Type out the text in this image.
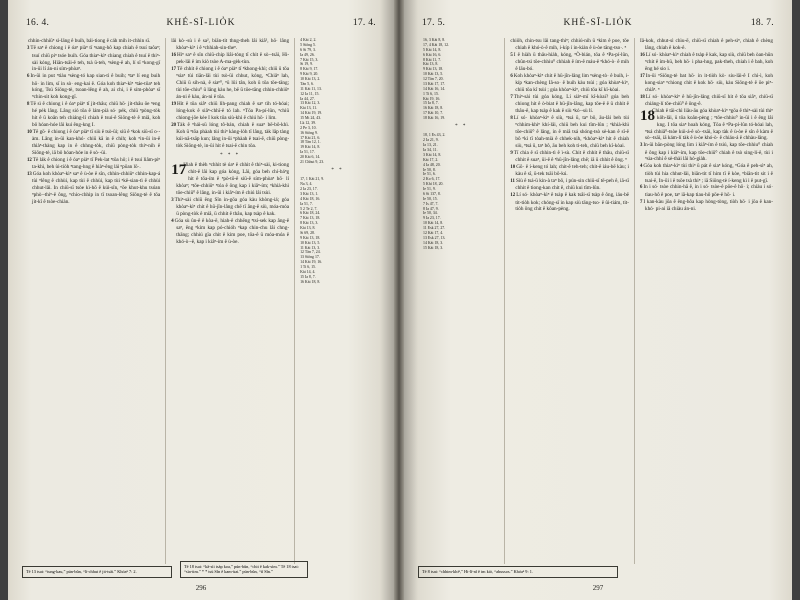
16. 4.	KHÉ-SĪ-LIỎK	17. 4.
chhin-chhiūⁿ sì-lāng ê buih, bái-tiong ê cáh mih it-chhin sī.
3Tē saⁿ ê chiong i ê óaⁿ piàⁿ tī ⁿsang-hô kap chiah ê tsuí taôaⁿ; tsuí chiū piⁿ tsóe buih. Góa thiaⁿ-kìⁿ chiang chiah ê tsuí ê thiⁿ-sài kóng, Hiān-tsāi-ê teh, tsà ū-teh, ⁿsèng-ê ah, lí sī ⁿkong-gī in-ūi lí án-ni sím-phòaⁿ.
6In-ūi in put ⁿtiàu ⁿsèng-tó kap sian-tì ê buih; ⁿtaⁿ lí eng buih hō· in lim, sī in sò· eng-kai ê. Góa koh thiaⁿ-kìⁿ ⁿtáe-tôaⁿ teh kóng, Tsú Siōng-tè, tsoan-lêng ê ah, ai chi, i ê sím-phòaⁿ sī ⁿchin-sit koh kong-gī.
8Tē sì ê chiong i ê óaⁿ piàⁿ tī jit-thâu; chiū hō· jit-thâu ōe ⁿeng hé pėk lâng. Lâng sió tōa ê lám-pià só· pėk, chiū ⁿpòng-tòk hit ê ū koân teh chiáng-lí chiah ê tsuí-ê Siōng-tè ê miâ, koh bô hóan-hóe lâi kui êng-kng I.
10Tē gō· ê chiong i ê óaⁿ piàⁿ tī siù ê tsò-ūi; siū ê ⁿkok siū-sī o·-àm. Lâng in-ūi kan-khó· chiū kā in ê chih; koh ⁿin-ūi in-ê thiàⁿ-thàng kap in ê chhng-tòk, chiū pòng-tòk thiⁿ-nih ê Siōng-tè, iā bô hóan-hóe in ê sò·-ūi.
12Tē lák ê chiong i ê óaⁿ piàⁿ tī Pek-lat ⁿtōa hô; i ê tsuí liâm-piⁿ ta-khì, beh ùi-tiòh ⁿtang-hng ê hiàⁿ-êng lái ⁿpōan lō·.
13Góa koh khòaⁿ-kìⁿ saⁿ ê ù-òe ê sîn, chhin-chhiūⁿ chhin-kap-á tùi ⁿlêng ê chhùi, kap tùi ê chhùi, kap tùi ⁿkê-sian-tì ê chhùi chhut-lâi. In chiū-sī tsòe kì-hō ê kúi-sîn, ⁿōe khut-khu tsóan ⁿphò·-thiⁿ-ê ông, ⁿchio-chhip in tī tsoan-lêng Siōng-tè ê tōa jit-kî ê tsòe-chiàn.
lâi kò·-sù i ê sa², biān-tit thng-theh lâi kiâ², hō· lâng khòaⁿ-kìⁿ i ê ⁿchhiah-sin-theⁿ.
16Hiⁿ saⁿ ê sîn chiū-chip liâi-tóng tī chit ê sò·-tsāi, Hi-pek-lâi ê im kiò tsòe A-ma-gėk-tùn.
17Tē chhit ê chiong i ê óaⁿ piàⁿ tī ⁿkhong-khì; chiū ū tōa ⁿsiaⁿ tùi tiān-lāi tùi tsò-ūi chhut, kóng, ⁿChiâⁿ lah, Chiū ū sih-nà, ê siaⁿ⁰, ⁿū lûi tân, koh ū tōa tōe-tāng; tùi tōe-chiu⁰ ū lâng kàu he, bē ū tōe-tāng chhin-chhiūⁿ án-ni ê kàu, án-ni ê tōa.
19Hit ê tōa siâⁿ chiū lìh-pang chiah ê saⁿ tìh tó-hóai; lóng-kok ê siâⁿ-chhī-ê tó lah. ⁿTōa Pa-pí-lûn, ⁿchiū chìong-jōe kèe I kok tōa siù-khì ê chiú hō· i lim.
20Tàk ê ⁿhái-sū lóng tô-bán, chiah ê suaⁿ bē-bô-khì. Koh ū ⁿtōa phàah tùi thiⁿ kàng-lòh tī lâng, tàk lâp tàng kúi-nā-tsāp kun; lâng in-ūi ⁿphàah ê tsai-ē, chiū pòng-tòk Siōng-tè, in-ūi hit ê tsai-ē chin tōa.
* * *
17
Hiah ê thèh ⁿchhit tè óaⁿ ê chhit ê thiⁿ-sài, ki-tiong chit-ê lâi kap góa kóng, Lâi, góa beh chí-báⁿg hit ê tōa-ím ê ⁿpò-tō-ê siū-ê sím-phòaⁿ hō· lí khòaⁿ; ⁿtōe-chhiūⁿ ⁿtóa ê ông kap i kiâⁿ-ím; ⁿkhià-khì tōe-chiū⁰ ê lâng, in-ūi i kiâⁿ-ím ê chiú lâi tsùi.
3Thiⁿ-sài chiū ēng Sîn in-gōa góa kàu khòng-iá; góa khòaⁿ-kìⁿ chit ê hū-jîn-lâng chē tī âng-ê siù, móa-móa ū pòng-tòk ê miâ, ū chhit ê thâu, kap tsàp ê kak.
4Góa sù ûn-ê ê kòa-ē, hiah-ê chhēng ⁿtsí-sek kap âng-ê saⁿ, ēng ⁿkim kap pó-chióh ⁿkap chin-chu lâi chng-thāng; chhiú gīa chit ê kim poe, tōa-ê ū móa-móa ê khó-ò·-ê, kap i kiâⁿ-ím ê ù-òe.
4 Kài 2, 2.
5 Siōng 5.
6 Si 79, 3.
Ia 49, 26.
7 Kài 15, 3.
Si 19, 9.
8 Kài 9, 17.
9 Kài 9, 20.
10 Kài 13, 2.
Tàn 5, 6.
11 Kài 11, 13.
12 Ia 11, 15.
Ia 44, 27.
13 Kài 12, 3.
Kài 13, 11.
14 Kài 19, 19.
15 Mt 24, 43.
Lk 12, 39.
2 Pe 3, 10.
16 Siōng 9.
17 Kài 21, 6.
18 Tàn 12, 1.
19 Kài 14, 8.
Ia 51, 17.
20 Kài 6, 14.
21 Chhut 9, 23.
* *
17, 1 Kài 21, 9.
Na 3, 4.
2 Ia 23, 17.
3 Kài 13, 1.
4 Kài 18, 16.
Ia 51, 7.
5 2 Te 2, 7.
6 Kài 18, 24.
7 Kài 13, 18.
8 Kài 13, 3.
Kài 13, 8.
Si 69, 28.
9 Kài 13, 18.
10 Kài 13, 5.
11 Kài 13, 3.
12 Tàn 7, 24.
13 Siōng 17.
14 Kài 19, 16.
1 Ti 6, 15.
Kài 14, 4.
15 Ia 8, 7.
16 Kài 18, 8.
Tē 13 tsat: “tung-kau,” pún-bûn, “lí-chhut ê jit-tsāi.” Khóaⁿ 7: 2.
Tē 18 tsat: “kā-sìi tsàp koa,” pún-bûn, “chit ê kak-sìm.” Tē 18 tsat: “sìa-tim.” * * tsù Sîn ê kam-ùai.” pún-bûn, “tī Sîn.”
296
17. 5.	KHÉ-SĪ-LIỎK	18. 7.
16, 3 Kài 8, 8.
17, 4 Kài 18, 12.
5 Kài 14, 8.
6 Kài 16, 6.
8 Kài 11, 7.
Kài 13, 8.
9 Kài 13, 18.
10 Kài 13, 5.
12 Tàn 7, 20.
13 Kài 17, 17.
14 Kài 16, 14.
1 Ti 6, 15.
Kài 19, 16.
15 Ia 8, 7.
16 Kài 18, 8.
17 Kài 10, 7.
18 Kài 16, 19.
* *
18, 1 Es 43, 2.
2 Ia 21, 9.
Ia 13, 21.
Ia 34, 11.
3 Kài 14, 8.
Kài 17, 2.
4 Ia 48, 20.
Ie 50, 8.
Ie 51, 6.
2 Ko 6, 17.
5 Khí 18, 20.
Ie 51, 9.
6 Si 137, 8.
Ie 50, 15.
7 Is 47, 7.
8 Ia 47, 9.
Ie 50, 34.
9 Ia 23, 17.
10 Kài 14, 8.
11 Esk 27, 27.
12 Kài 17, 4.
13 Esk 27, 13.
14 Kài 18, 3.
15 Kài 18, 3.
chiôh, chin-tsu lâi tang-thiⁿ; chhiú-nih ū ⁿkim ê poe, tōe chiah ê khó-ò·ê mih, i-kíp í in-kiàn ê ù-òe tāng-tso·. ⁿ
5I ê hiàh ū thâu-hiàh, kóng, ⁿÒ-bián, tōa ê ⁿPa-pí-lûn, chûn-tsì tōe-chhiu⁰ chhiah ê ím-ê máu-ê ⁿkhó-ò· ê mih ê lāu-bó.
6Koh khòaⁿ-kìⁿ chit ê hū-jîn-lâng lim ⁿsèng-tò· ê buih, i-kíp ⁿkan-chèng Iâ-so· ê buih kàu tsùi ; góa khòaⁿ-kìⁿ, chiū tōa kî tsùi ; góa khòaⁿ-kìⁿ, chiū tōa kî kî-kòai.
7Thiⁿ-sài tùi góa kóng, Lí siàⁿ-mī kî-kòai? góa beh chiong hit ê ò-biat ê hū-jîn-lâng, kap tōe-ê ê ū chhit ê thâu-ê, kap tsàp ê kak ê siù ⁿkó·-sù lí.
8Lí só· khòaⁿ-kìⁿ ê siù, ⁿtsá ū, taⁿ bô, āu-lâi beh tùi ⁿchhim-khiⁿ khí-lâi, chiū beh kui tîm-lûn ; ⁿkhià-khì tōe-chiū⁰ ê lâng, in ê miâ tsá shóng-tsò sè-kan ê sî-ê bô ⁿkì tī tòah-mià ê chhek-nih, ⁿkhòaⁿ-kìⁿ hit ê chiah siù, ⁿtsá ū, taⁿ bô, āu beh koh ti-teh, chiū beh kî-kòai.
9Tī chia ê sī chhin-tì ê ì-sù. Chit ê chhit ê thâu, chiū-sī chhit ê suaⁿ, ūi-ê ê ⁿhū-jîn-lâng chē; iā ū chhit ê ông. ⁿ
10Gō· ê í-keng tó lah; chit-ê teh-teh; chit-ê iáu-bē kàu; i kàu ê sî, ū-tek tsāi bô-kú.
11Siù ê tsá-ū kin-à taⁿ bô, i pún-sin chiū-sī tē-peh ê, iā-sī chhit ê tiong-kan chit ê, chiū kui tîm-lûn.
12Lí só· khòaⁿ-kìⁿ ê tsàp ê kak tsâi-sī tsàp ê ông, iáu-bē tit-tiòh kok; chóng-sī in kap siù tāng-tso· ê ûi-tiám, tit-tiòh ông chit ê kôan-pèng.
Iâ-kok, chhut-sì chìu-ē, chiū-sī chiah ê peh-sìⁿ, chiah ê chèng lâng, chiah ê kok-ê.
16Lí só· khòaⁿ-kìⁿ chiah ê tsàp ê kak, kap siù, chiū beh òan-hūn ⁿchit ê ím-hū, beh hō· i pha-hng, pak-theh, chiah i ê bah, koh ēng hé sio i.
17In-ūi ⁿSiōng-tè bat hō· in it-tiòh kò· siu-lāi-ê I chì-ì, koh kong-siaⁿ ⁿchiong chit ê kok hō· siù, kàu Siōng-tè ê ōe piⁿ-chiâⁿ. ⁿ
18Lí só· khòaⁿ-kìⁿ ê hū-jîn-lâng chiū-sī hit ê tōa siâⁿ, chiū-sī chiáng-lí tōe-chiū⁰ ê ông-ê.
18
Chiah ê tāi-chì liâu-āu góa khòaⁿ-kìⁿ ⁿgōa ê thiⁿ-sài tùi thiⁿ kôh-lâi, ū tōa koân-pèng ; ⁿtōe-chhiu⁰ in-ūi i ê êng lâi kng. I tōa siaⁿ hoah kóng, Tōa ê ⁿPa-pí-lûn tó-hóai lah, ⁿtsá chhiâ⁰-tsòe kúi-á-ê sò·-tsāi, kap tàk ê ù-òe ê sîn ê kàm ê sò·-tsāi, iā kám-lí tàk ê ù-òe khó-ò· ê chiáu-á ê chhàu-lâng.
3In-ūi bān-pòng lóng lim i kiâⁿ-ím ê tsiú, kap tōe-chhiu⁰ chiah ê ông kap i kiâⁿ-ím, kap tōe-chiū⁰ chiah ê tsò sing-lí-ê, tùi i ⁿsìa-chhí ê sè-thài lâi hó-giàh.
4Góa koh thiaⁿ-kìⁿ tùi thiⁿ ū pát ê siaⁿ kóng, ⁿGóa ê peh-sìⁿ ah, tiòh tùi hia chhut-lâi, biān-tit tī him tī ê kòe, ⁿbiān-tit sit i ê tsai-ē, In-ūi i ê tsōe tsà thiⁿ ; iā Siōng-tè í-keng kì i ê put-gī.
6In i só· tsòe chhin-hā ê, in i só· tsòe-ê pōe-ê hō· i; chiàu i só· tiau-hô ê poe, taⁿ iā-kap tiau-hô pōe-ê hō· i.
7I kan-kàu jōa ê êng-hôa kap hòng-tòng, tiòh hō· i jōa ê kan-khó· pi-ai iā chiàu án-ni.
Tē 8 tsat: “chhim-khiⁿ,” Hi-lī-nî ê im kiò, “abussos.” Khóaⁿ 9: 1.
297
